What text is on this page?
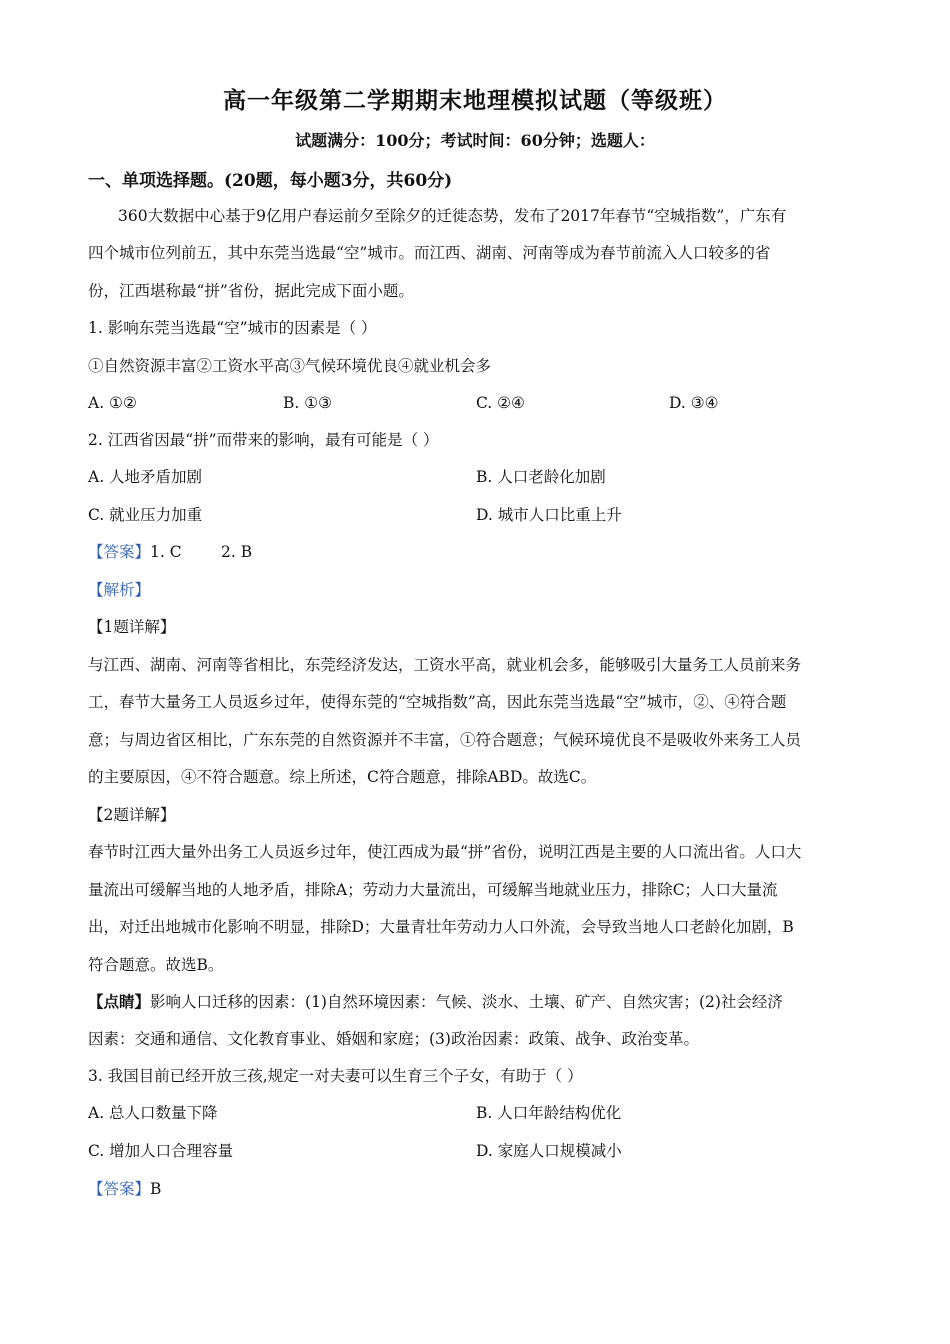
高一年级第二学期期末地理模拟试题（等级班）
试题满分：100分；考试时间：60分钟；选题人：
一、单项选择题。(20题，每小题3分，共60分)
360大数据中心基于9亿用户春运前夕至除夕的迁徙态势，发布了2017年春节“空城指数”，广东有
四个城市位列前五，其中东莞当选最“空”城市。而江西、湖南、河南等成为春节前流入人口较多的省
份，江西堪称最“拼”省份，据此完成下面小题。
1. 影响东莞当选最“空”城市的因素是（ ）
①自然资源丰富②工资水平高③气候环境优良④就业机会多
A. ①②	B. ①③	C. ②④	D. ③④
2. 江西省因最“拼”而带来的影响，最有可能是（ ）
A. 人地矛盾加剧	B. 人口老龄化加剧
C. 就业压力加重	D. 城市人口比重上升
【答案】1. C        2. B
【解析】
【1题详解】
与江西、湖南、河南等省相比，东莞经济发达，工资水平高，就业机会多，能够吸引大量务工人员前来务
工，春节大量务工人员返乡过年，使得东莞的“空城指数”高，因此东莞当选最“空”城市，②、④符合题
意；与周边省区相比，广东东莞的自然资源并不丰富，①符合题意；气候环境优良不是吸收外来务工人员
的主要原因，④不符合题意。综上所述，C符合题意，排除ABD。故选C。
【2题详解】
春节时江西大量外出务工人员返乡过年，使江西成为最“拼”省份，说明江西是主要的人口流出省。人口大
量流出可缓解当地的人地矛盾，排除A；劳动力大量流出，可缓解当地就业压力，排除C；人口大量流
出，对迁出地城市化影响不明显，排除D；大量青壮年劳动力人口外流，会导致当地人口老龄化加剧，B
符合题意。故选B。
【点睛】影响人口迁移的因素：(1)自然环境因素：气候、淡水、土壤、矿产、自然灾害；(2)社会经济
因素：交通和通信、文化教育事业、婚姻和家庭；(3)政治因素：政策、战争、政治变革。
3. 我国目前已经开放三孩,规定一对夫妻可以生育三个子女，有助于（ ）
A. 总人口数量下降	B. 人口年龄结构优化
C. 增加人口合理容量	D. 家庭人口规模减小
【答案】B
